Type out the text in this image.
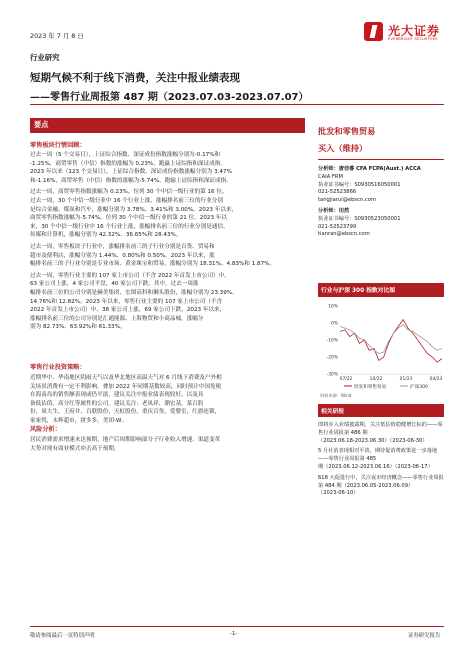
光大证券
EVERBRIGHT SECURITIES
2023 年 7 月 8 日
行业研究
短期气候不利于线下消费，关注中报业绩表现
——零售行业周报第 487 期（2023.07.03-2023.07.07）
要点
零售板块行情回顾：
过去一周（5 个交易日），上证综合指数、深证成份指数涨幅分别为-0.17%和
-1.25%，商贸零售（中信）指数的涨幅为 0.23%，跑赢上证综指和深证成指。
2023 年以来（123 个交易日），上证综合指数、深证成份指数涨幅分别为 3.47%
和-1.16%，商贸零售（中信）指数的涨幅为-5.74%，跑输上证综指和深证成指。
过去一周，商贸零售指数涨幅为 0.23%，位列 30 个中信一级行业的第 16 位。
过去一周，30 个中信一级行业中 16 个行业上涨，涨幅排名前三位的行业分别
是综合金融、煤炭和汽车，涨幅分别为 3.78%、3.41%和 3.00%。2023 年以来，
商贸零售指数涨幅为-5.74%，位列 30 个中信一级行业的第 21 位。2023 年以
来，30 个中信一级行业中 16 个行业上涨，涨幅排名前三位的行业分别是通信、
传媒和计算机，涨幅分别为 42.32%、36.65%和 28.43%。
过去一周，零售板块子行业中，涨幅排名前三的子行业分别是百货、贸易和
超市及便利店，涨幅分别为 1.44%、0.80%和 0.50%。2023 年以来，涨
幅排名前三的子行业分别是专业市场、黄金珠宝和贸易，涨幅分别为 18.31%、4.83%和 1.87%。
过去一周，零售行业主要的 107 家上市公司（不含 2022 年首发上市公司）中，
63 家公司上涨，4 家公司平盘，40 家公司下跌。其中，过去一周涨
幅排名前三位的公司分别是赫美集团、宏图高科和狮头股份，涨幅分别为 23.39%、
14.76%和 12.82%。2023 年以来，零售行业主要的 107 家上市公司（不含
2022 年首发上市公司）中，38 家公司上涨，69 家公司下跌。2023 年以来，
涨幅排名前三位的公司分别是汇通能源、上海物贸和小商品城，涨幅分
别为 82.73%、63.92%和 61.33%。
零售行业投资策略：
近期华中、华南地区阴雨天气以及华北地区高温天气对 6 月线下消费及户外相
关场景消费有一定不利影响。叠加 2022 年同期基数较高，同时预计中国免税
在海南岛的销售额表现或仍平淡，建议关注中报业绩表现较好、以及具
备低估值、高分红等属性的公司。建议关注：老凤祥、潮宏基，菜百股
份，周大生，王府井，百联股份，天虹股份，重庆百货，爱婴室，红旗连锁，
家家悦，永辉超市，拼多多，美团-W。
风险分析：
居民消费需求增速未达预期，地产后周期影响部分子行业收入增速，渠道变革
大势对现有商业模式冲击高于预期。
批发和零售贸易
买入（维持）
分析师：唐佳睿 CFA FCPA(Aust.) ACCA
CAIA FRM
执业证书编号：S0930516050001
021-52523866
tangjiarui@ebscn.com
分析师：田然
执业证书编号：S0930523050001
021-52523799
tianran@ebscn.com
行业与沪深 300 指数对比图
-30%
-20%
-10%
0%
10%
07/22	10/22	01/23	04/23
批发和零售贸易	沪深300
资料来源：Wind
相关研报
即将步入业绩披露期，关注低估值稳健增长标的——零售行业周报第 486 期
（2023.06.18-2023.06.30）（2023-06-30）
5 月社消表现相对平淡，期待促消费政策进一步落地——零售行业周报第 485
期（2023.06.12-2023.06.16）（2023-06-17）
618 大促进行中，关注夜市经济概念——零售行业周报第 484 期（2023.06.05-2023.06.09）
（2023-06-10）
敬请参阅最后一页特别声明	-1-	证券研究报告
